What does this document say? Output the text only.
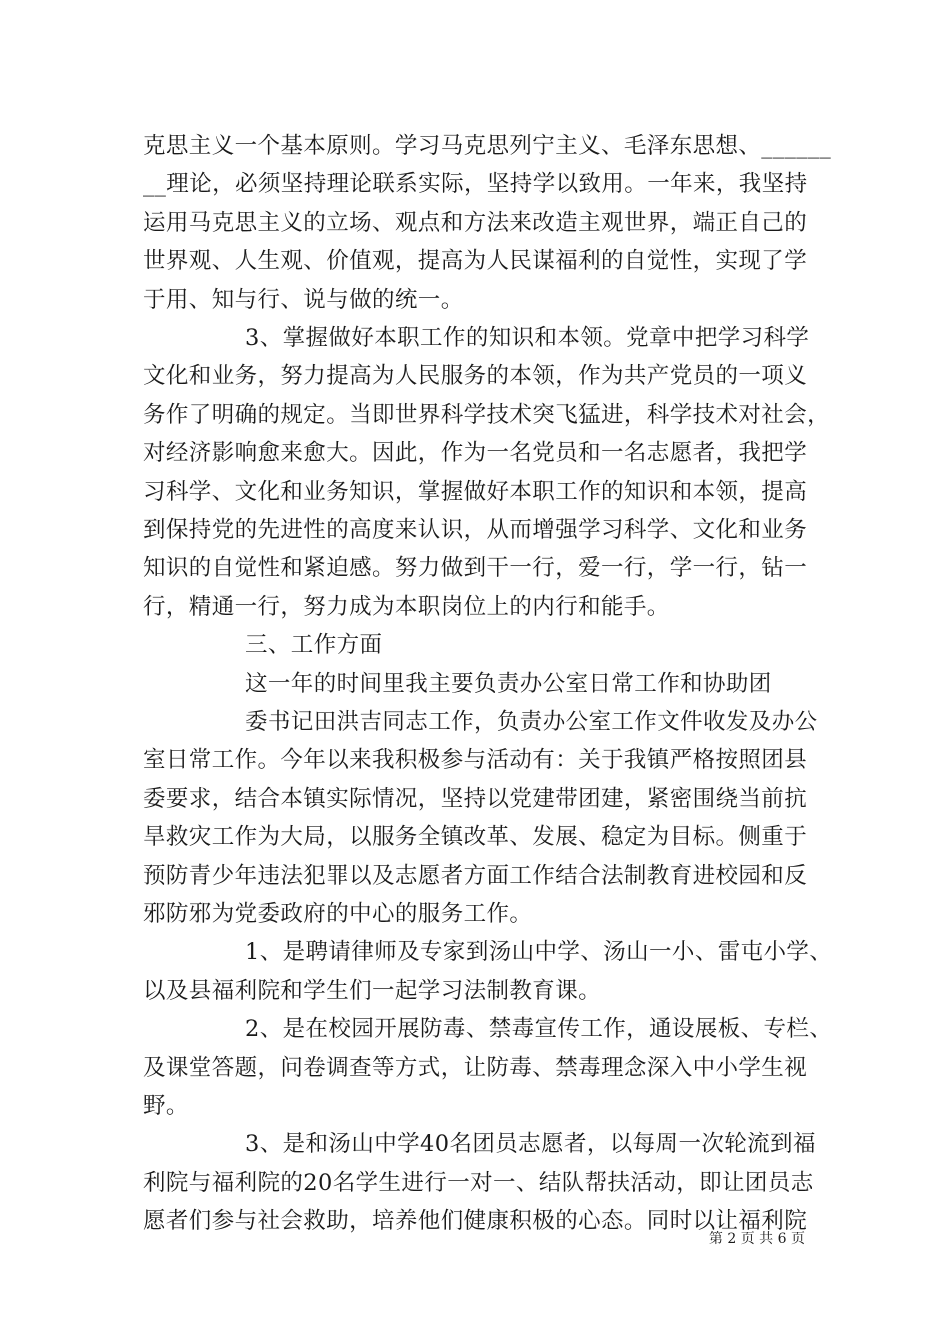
克思主义一个基本原则。学习马克思列宁主义、毛泽东思想、______
__理论，必须坚持理论联系实际，坚持学以致用。一年来，我坚持
运用马克思主义的立场、观点和方法来改造主观世界，端正自己的
世界观、人生观、价值观，提高为人民谋福利的自觉性，实现了学
于用、知与行、说与做的统一。
3、掌握做好本职工作的知识和本领。党章中把学习科学
文化和业务，努力提高为人民服务的本领，作为共产党员的一项义
务作了明确的规定。当即世界科学技术突飞猛进，科学技术对社会，
对经济影响愈来愈大。因此，作为一名党员和一名志愿者，我把学
习科学、文化和业务知识，掌握做好本职工作的知识和本领，提高
到保持党的先进性的高度来认识，从而增强学习科学、文化和业务
知识的自觉性和紧迫感。努力做到干一行，爱一行，学一行，钻一
行，精通一行，努力成为本职岗位上的内行和能手。
三、工作方面
这一年的时间里我主要负责办公室日常工作和协助团
委书记田洪吉同志工作，负责办公室工作文件收发及办公
室日常工作。今年以来我积极参与活动有：关于我镇严格按照团县
委要求，结合本镇实际情况，坚持以党建带团建，紧密围绕当前抗
旱救灾工作为大局，以服务全镇改革、发展、稳定为目标。侧重于
预防青少年违法犯罪以及志愿者方面工作结合法制教育进校园和反
邪防邪为党委政府的中心的服务工作。
1、是聘请律师及专家到汤山中学、汤山一小、雷屯小学、
以及县福利院和学生们一起学习法制教育课。
2、是在校园开展防毒、禁毒宣传工作，通设展板、专栏、
及课堂答题，问卷调查等方式，让防毒、禁毒理念深入中小学生视
野。
3、是和汤山中学40名团员志愿者，以每周一次轮流到福
利院与福利院的20名学生进行一对一、结队帮扶活动，即让团员志
愿者们参与社会救助，培养他们健康积极的心态。同时以让福利院
第 2 页 共 6 页
